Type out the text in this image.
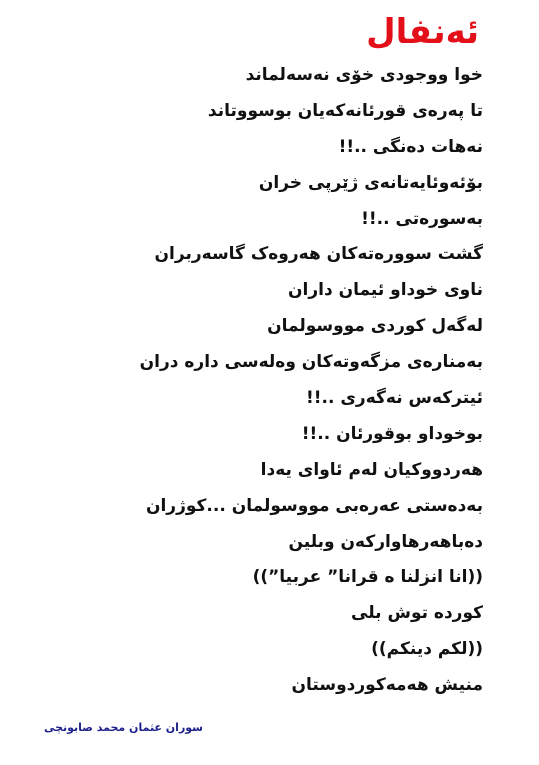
ئەنفال
خوا ووجودی خۆی نەسەلماند
تا پەرەی قورئانەکەیان بوسووتاند
نەهات دەنگی ..!!
بۆئەوئایەتانەی ژێرپی خران
بەسورەتی ..!!
گشت سوورەتەکان هەروەک گاسەربران
ناوی خوداو ئیمان داران
لەگەل کوردی مووسولمان
بەمنارەی مزگەوتەکان وەلەسی دارە دران
ئیترکەس نەگەری ..!!
بوخوداو بوقورئان ..!!
هەردووکیان لەم ئاوای یەدا
بەدەستی عەرەبی مووسولمان ...کوژران
دەباهەرهاوارکەن وبلین
((انا انزلنا ه قرانا” عربیا”))
کوردە توش بلی
((لکم دینکم))
منیش هەمەکوردوستان
سوران عثمان محمد صابونچی
